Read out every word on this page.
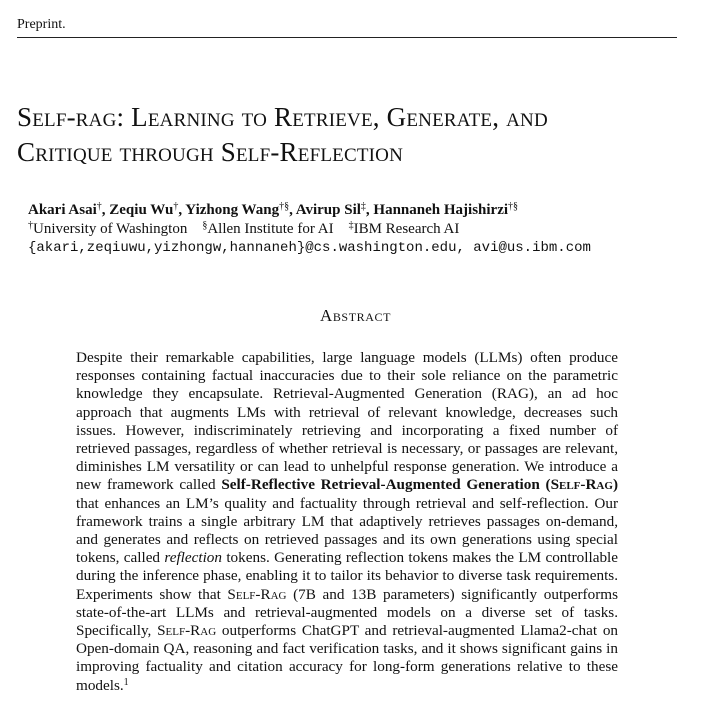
Preprint.
Self-rag: Learning to Retrieve, Generate, and
Critique through Self-Reflection
Akari Asai†, Zeqiu Wu†, Yizhong Wang†§, Avirup Sil‡, Hannaneh Hajishirzi†§
†University of Washington §Allen Institute for AI ‡IBM Research AI
{akari,zeqiuwu,yizhongw,hannaneh}@cs.washington.edu, avi@us.ibm.com
Abstract
Despite their remarkable capabilities, large language models (LLMs) often produce responses containing factual inaccuracies due to their sole reliance on the parametric knowledge they encapsulate. Retrieval-Augmented Generation (RAG), an ad hoc approach that augments LMs with retrieval of relevant knowledge, decreases such issues. However, indiscriminately retrieving and incorporating a fixed number of retrieved passages, regardless of whether retrieval is necessary, or passages are relevant, diminishes LM versatility or can lead to unhelpful response generation. We introduce a new framework called Self-Reflective Retrieval-Augmented Generation (Self-Rag) that enhances an LM’s quality and factuality through retrieval and self-reflection. Our framework trains a single arbitrary LM that adaptively retrieves passages on-demand, and generates and reflects on retrieved passages and its own generations using special tokens, called reflection tokens. Generating reflection tokens makes the LM controllable during the inference phase, enabling it to tailor its behavior to diverse task requirements. Experiments show that Self-Rag (7B and 13B parameters) significantly outperforms state-of-the-art LLMs and retrieval-augmented models on a diverse set of tasks. Specifically, Self-Rag outperforms ChatGPT and retrieval-augmented Llama2-chat on Open-domain QA, reasoning and fact verification tasks, and it shows significant gains in improving factuality and citation accuracy for long-form generations relative to these models.$^1$
